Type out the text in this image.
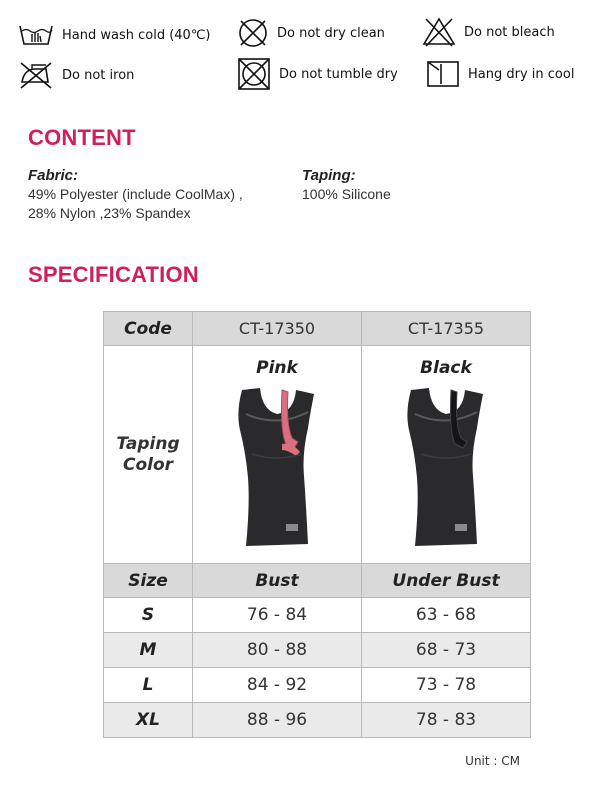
Hand wash cold (40℃)	Do not dry clean	Do not bleach
Do not iron	Do not tumble dry	Hang dry in cool
CONTENT
Fabric:
49% Polyester (include CoolMax) ,
28% Nylon ,23% Spandex
Taping:
100% Silicone
SPECIFICATION
Code	CT-17350	CT-17355

Taping
Color	Pink	Black

Size	Bust	Under Bust
S	76 - 84	63 - 68
M	80 - 88	68 - 73
L	84 - 92	73 - 78
XL	88 - 96	78 - 83
Unit : CM
